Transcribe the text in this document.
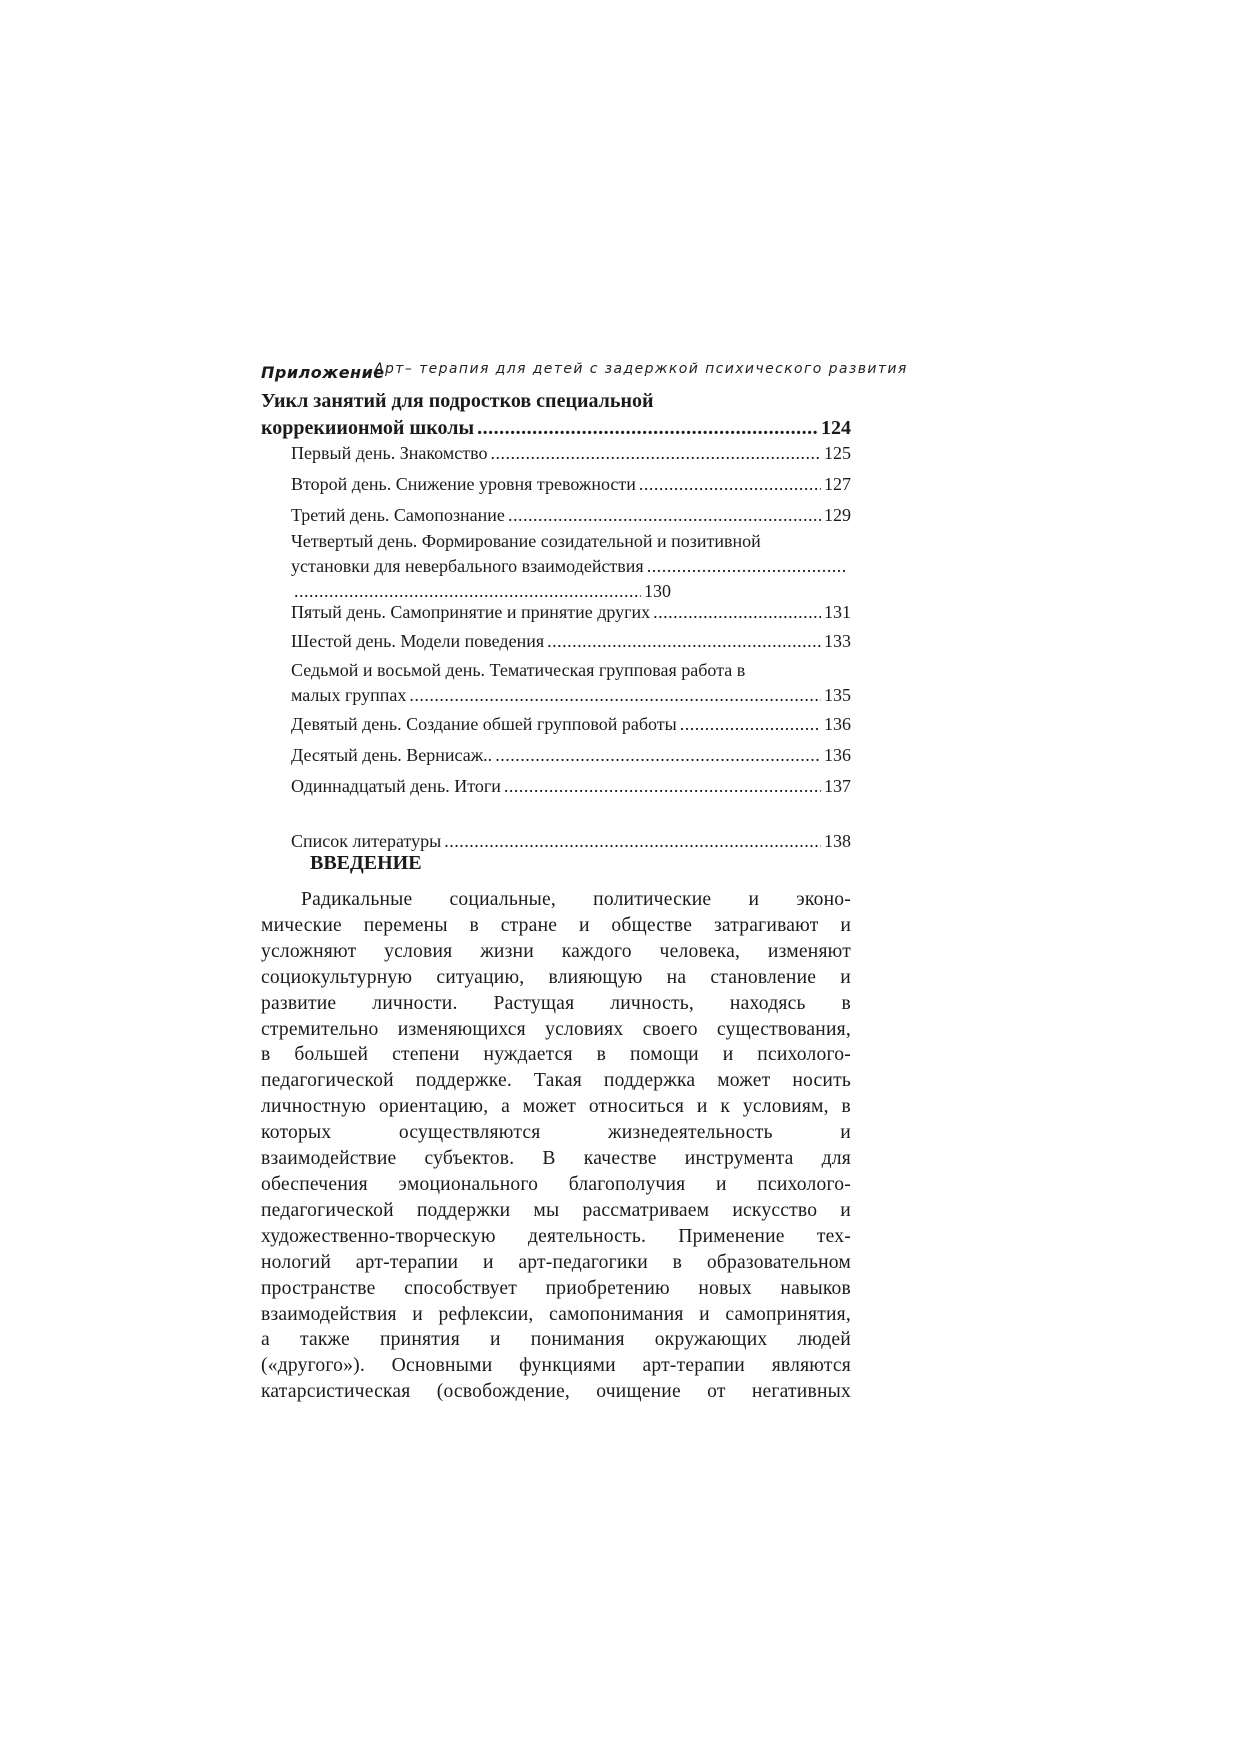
Приложение
Арт– терапия для детей с задержкой психического развития
Уикл занятий для подростков специальной
коррекиионмой школы .....	124
Первый день. Знакомство .....	125
Второй день. Снижение уровня тревожности .....	127
Третий день. Самопознание .....	129
Четвертый день. Формирование созидательной и позитивной
установки для невербального взаимодействия
.....
.....
130
Пятый день. Самопринятие и принятие других .....	131
Шестой день. Модели поведения .....	133
Седьмой и восьмой день. Тематическая групповая работа в
малых группах .....	135
Девятый день. Создание обшей групповой работы .....	136
Десятый день. Вернисаж.. .....	136
Одиннадцатый день. Итоги .....	137
Список литературы .....	138
ВВЕДЕНИЕ
Радикальные социальные, политические и эконо-
мические перемены в стране и обществе затрагивают и
усложняют условия жизни каждого человека, изменяют
социокультурную ситуацию, влияющую на становление и
развитие личности. Растущая личность, находясь в
стремительно изменяющихся условиях своего существования,
в большей степени нуждается в помощи и психолого-
педагогической поддержке. Такая поддержка может носить
личностную ориентацию, а может относиться и к условиям, в
которых осуществляются жизнедеятельность и
взаимодействие субъектов. В качестве инструмента для
обеспечения эмоционального благополучия и психолого-
педагогической поддержки мы рассматриваем искусство и
художественно-творческую деятельность. Применение тех-
нологий арт-терапии и арт-педагогики в образовательном
пространстве способствует приобретению новых навыков
взаимодействия и рефлексии, самопонимания и самопринятия,
а также принятия и понимания окружающих людей
(«другого»). Основными функциями арт-терапии являются
катарсистическая (освобождение, очищение от негативных
